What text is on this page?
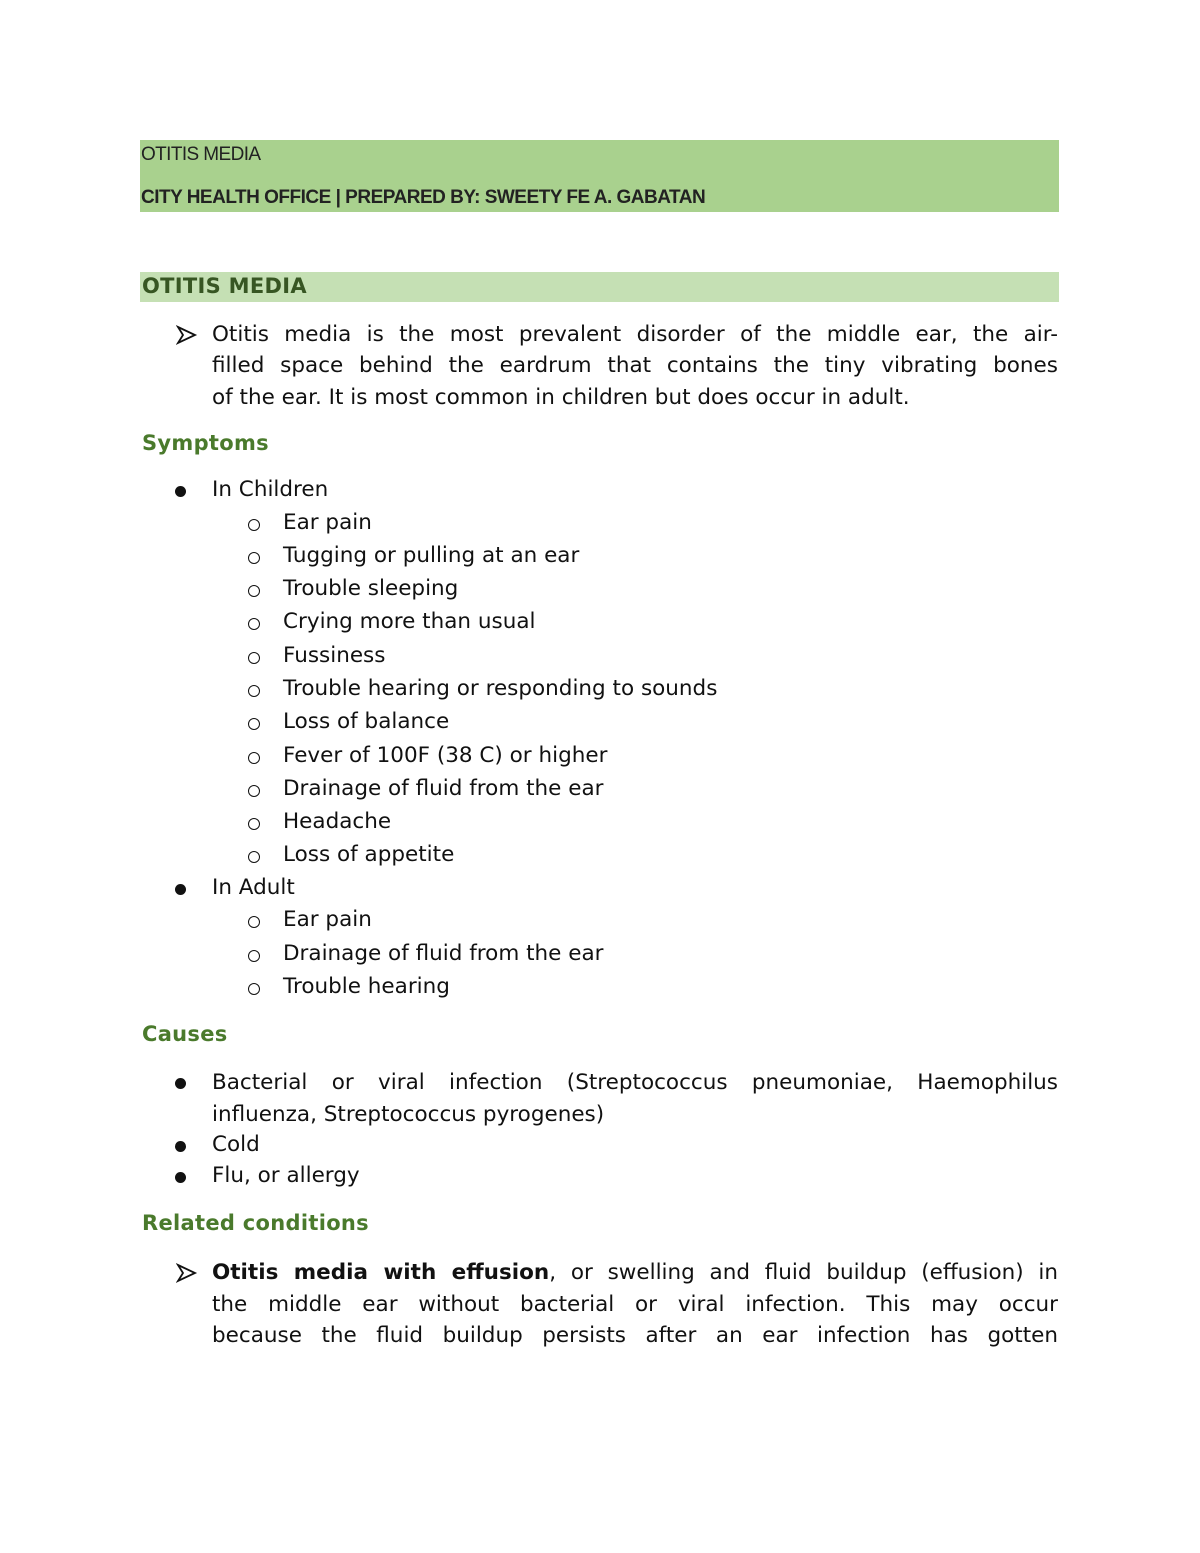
OTITIS MEDIA
CITY HEALTH OFFICE | PREPARED BY: SWEETY FE A. GABATAN
OTITIS MEDIA
Otitis media is the most prevalent disorder of the middle ear, the air-
filled space behind the eardrum that contains the tiny vibrating bones
of the ear. It is most common in children but does occur in adult.
Symptoms
In Children
Ear pain
Tugging or pulling at an ear
Trouble sleeping
Crying more than usual
Fussiness
Trouble hearing or responding to sounds
Loss of balance
Fever of 100F (38 C) or higher
Drainage of fluid from the ear
Headache
Loss of appetite
In Adult
Ear pain
Drainage of fluid from the ear
Trouble hearing
Causes
Bacterial or viral infection (Streptococcus pneumoniae, Haemophilus
influenza, Streptococcus pyrogenes)
Cold
Flu, or allergy
Related conditions
Otitis media with effusion, or swelling and fluid buildup (effusion) in
the middle ear without bacterial or viral infection. This may occur
because the fluid buildup persists after an ear infection has gotten
